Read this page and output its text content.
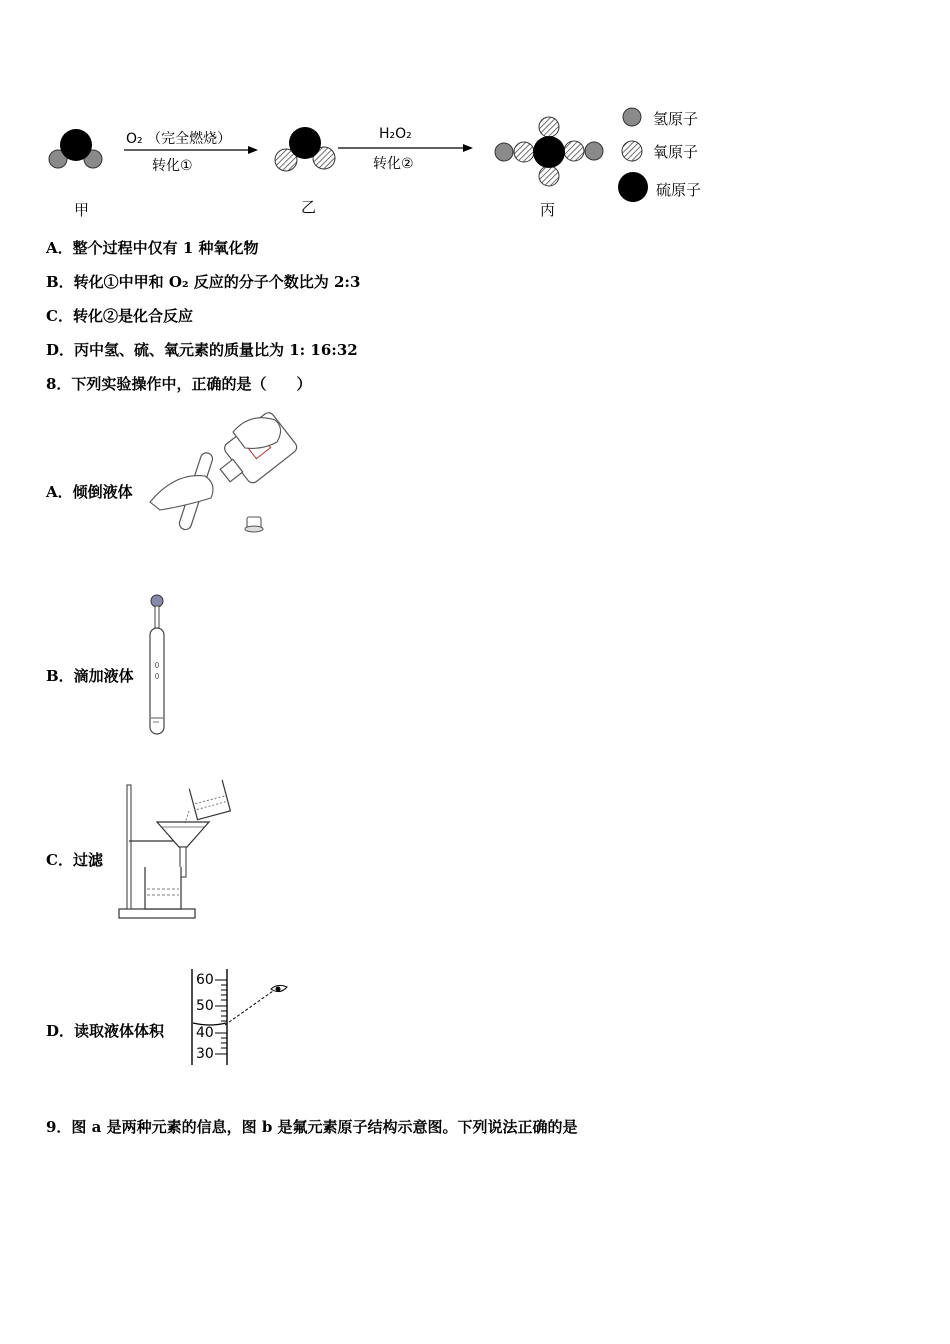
甲	乙	丙
O₂ （完全燃烧）
转化①
H₂O₂
转化②
氢原子
氧原子
硫原子
A．整个过程中仅有 1 种氧化物
B．转化①中甲和 O₂ 反应的分子个数比为 2:3
C．转化②是化合反应
D．丙中氢、硫、氧元素的质量比为 1: 16:32
8．下列实验操作中，正确的是（　　）
A．倾倒液体
B．滴加液体
C．过滤
D．读取液体体积
60
50
40
30
9．图 a 是两种元素的信息，图 b 是氟元素原子结构示意图。下列说法正确的是
